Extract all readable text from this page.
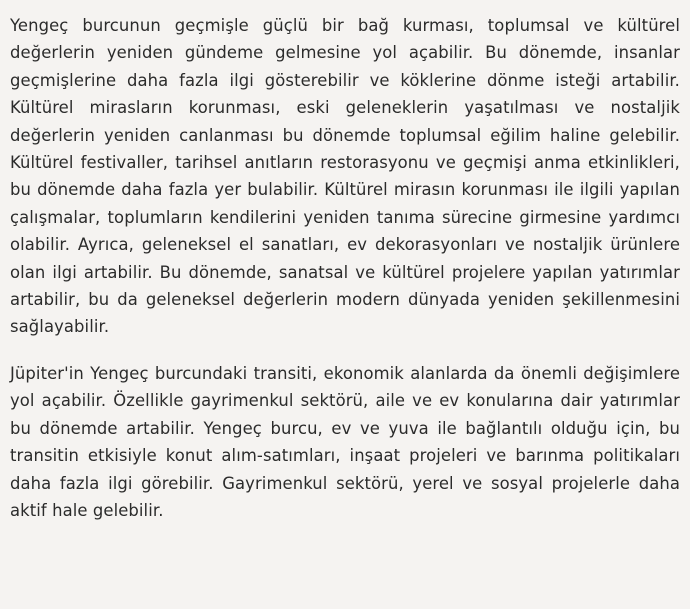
Yengeç burcunun geçmişle güçlü bir bağ kurması, toplumsal ve kültürel değerlerin yeniden gündeme gelmesine yol açabilir. Bu dönemde, insanlar geçmişlerine daha fazla ilgi gösterebilir ve köklerine dönme isteği artabilir. Kültürel mirasların korunması, eski geleneklerin yaşatılması ve nostaljik değerlerin yeniden canlanması bu dönemde toplumsal eğilim haline gelebilir. Kültürel festivaller, tarihsel anıtların restorasyonu ve geçmişi anma etkinlikleri, bu dönemde daha fazla yer bulabilir. Kültürel mirasın korunması ile ilgili yapılan çalışmalar, toplumların kendilerini yeniden tanıma sürecine girmesine yardımcı olabilir. Ayrıca, geleneksel el sanatları, ev dekorasyonları ve nostaljik ürünlere olan ilgi artabilir. Bu dönemde, sanatsal ve kültürel projelere yapılan yatırımlar artabilir, bu da geleneksel değerlerin modern dünyada yeniden şekillenmesini sağlayabilir.

Jüpiter'in Yengeç burcundaki transiti, ekonomik alanlarda da önemli değişimlere yol açabilir. Özellikle gayrimenkul sektörü, aile ve ev konularına dair yatırımlar bu dönemde artabilir. Yengeç burcu, ev ve yuva ile bağlantılı olduğu için, bu transitin etkisiyle konut alım-satımları, inşaat projeleri ve barınma politikaları daha fazla ilgi görebilir. Gayrimenkul sektörü, yerel ve sosyal projelerle daha aktif hale gelebilir.
